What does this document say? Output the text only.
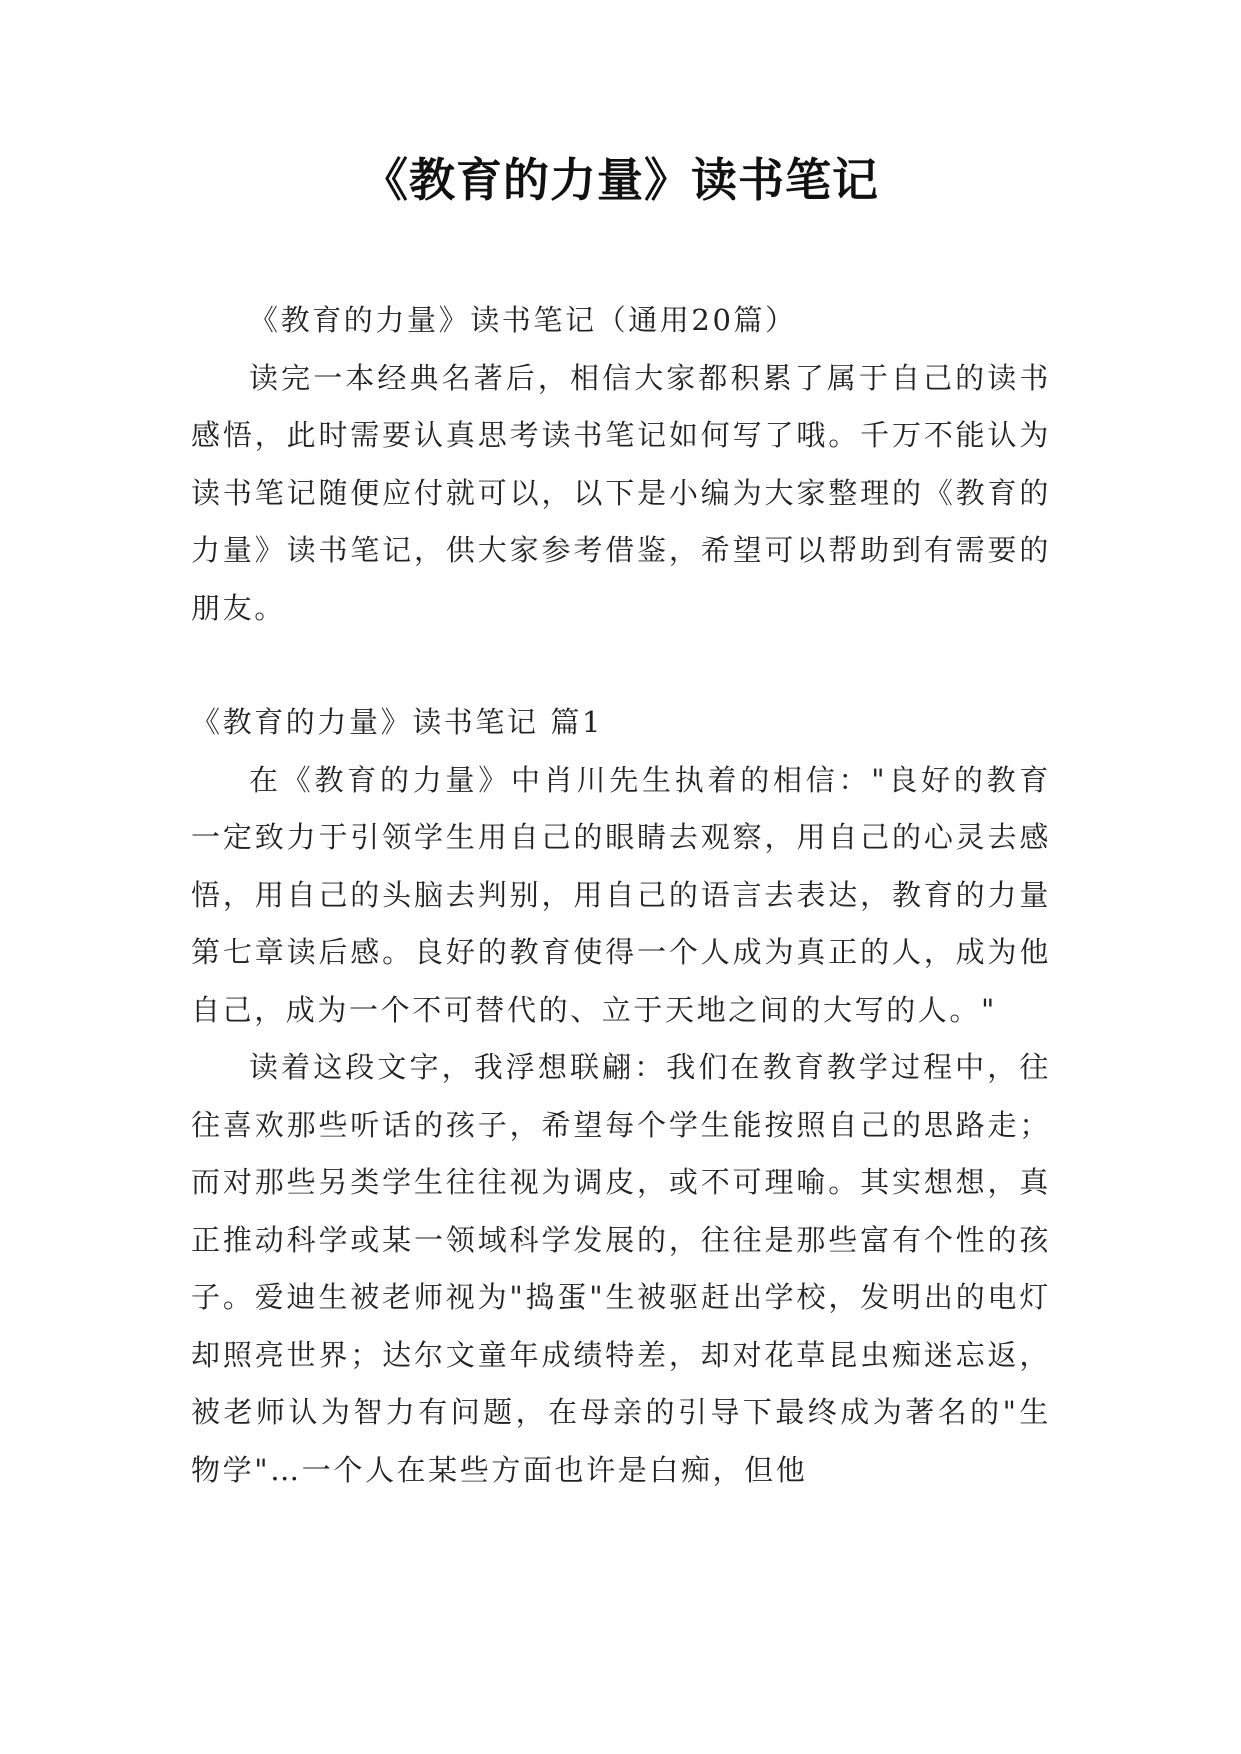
《教育的力量》读书笔记

《教育的力量》读书笔记（通用20篇）

读完一本经典名著后，相信大家都积累了属于自己的读书感悟，此时需要认真思考读书笔记如何写了哦。千万不能认为读书笔记随便应付就可以，以下是小编为大家整理的《教育的力量》读书笔记，供大家参考借鉴，希望可以帮助到有需要的朋友。

《教育的力量》读书笔记 篇1

在《教育的力量》中肖川先生执着的相信："良好的教育一定致力于引领学生用自己的眼睛去观察，用自己的心灵去感悟，用自己的头脑去判别，用自己的语言去表达，教育的力量第七章读后感。良好的教育使得一个人成为真正的人，成为他自己，成为一个不可替代的、立于天地之间的大写的人。"

读着这段文字，我浮想联翩：我们在教育教学过程中，往往喜欢那些听话的孩子，希望每个学生能按照自己的思路走；而对那些另类学生往往视为调皮，或不可理喻。其实想想，真正推动科学或某一领域科学发展的，往往是那些富有个性的孩子。爱迪生被老师视为"捣蛋"生被驱赶出学校，发明出的电灯却照亮世界；达尔文童年成绩特差，却对花草昆虫痴迷忘返，被老师认为智力有问题，在母亲的引导下最终成为著名的"生物学"…一个人在某些方面也许是白痴，但他
